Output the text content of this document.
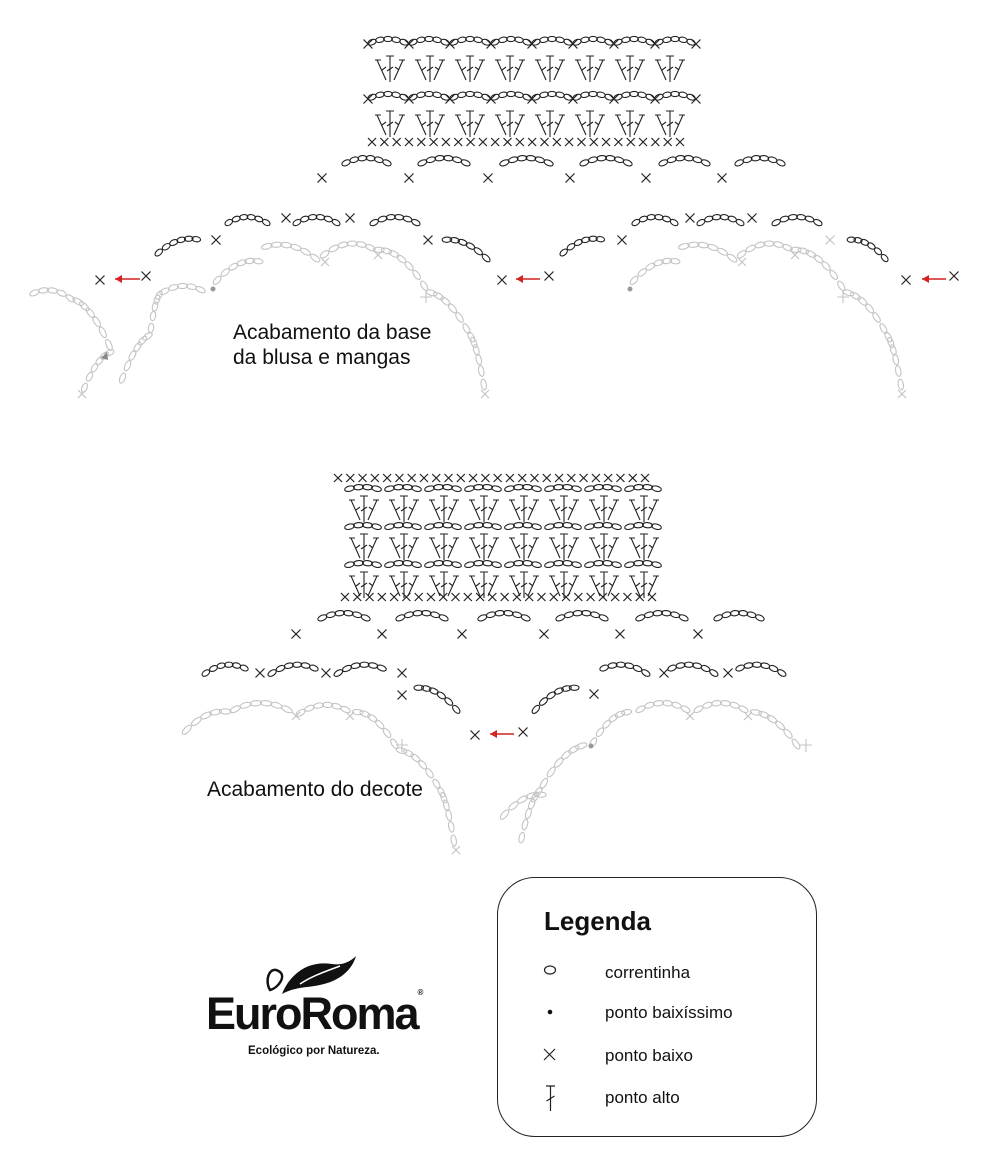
Acabamento da base
da blusa e mangas
Acabamento do decote
Legenda
correntinha
ponto baixíssimo
ponto baixo
ponto alto
EuroRoma®
Ecológico por Natureza.
